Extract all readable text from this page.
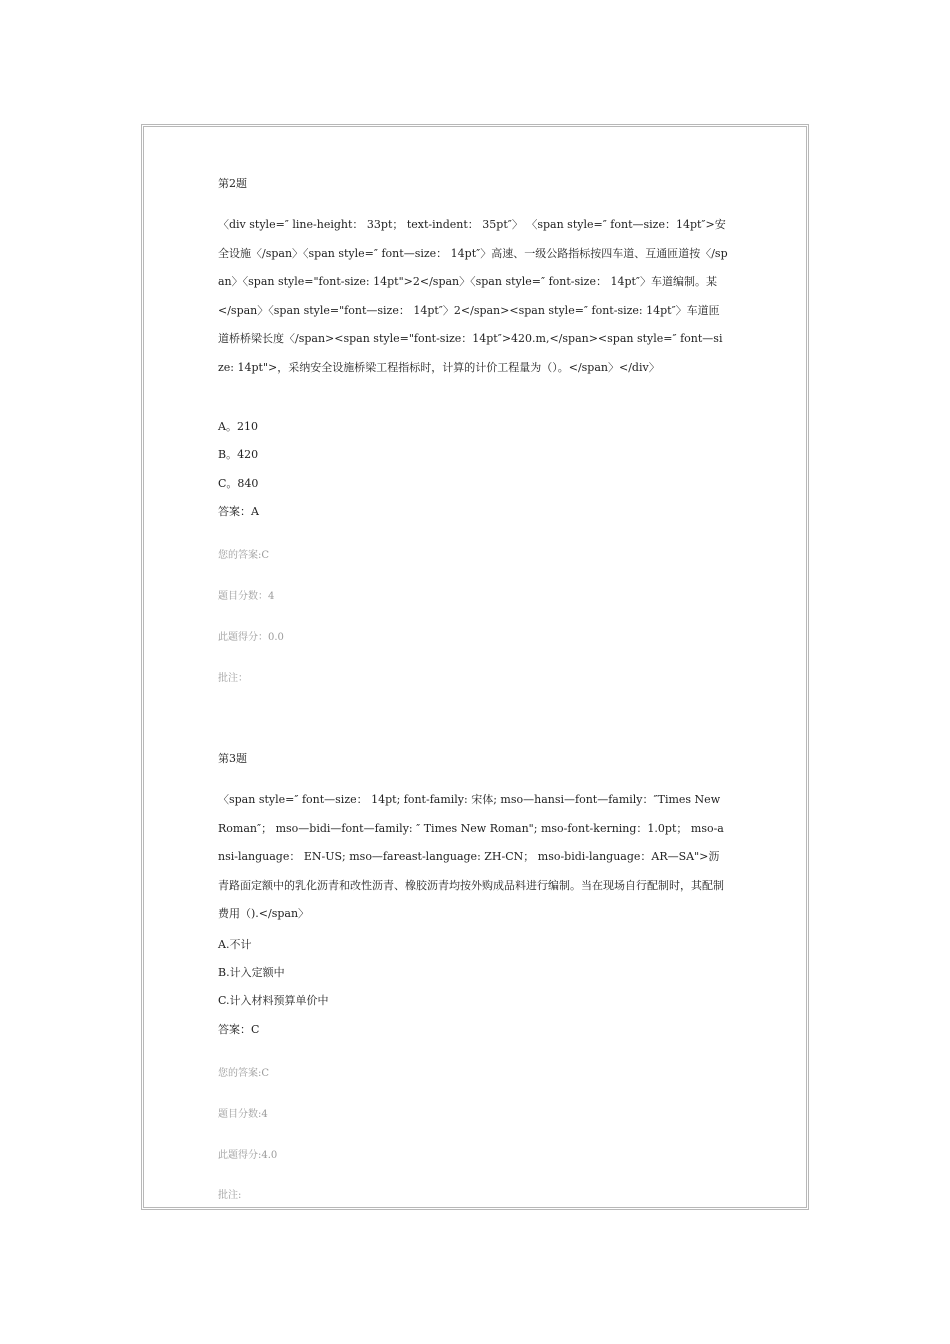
第2题
〈div style=″ line-height： 33pt； text-indent： 35pt″〉 〈span style=″ font—size：14pt″>安全设施〈/span〉〈span style=″ font—size： 14pt″〉高速、一级公路指标按四车道、互通匝道按〈/span〉〈span style="font-size: 14pt">2</span〉〈span style=″ font-size： 14pt″〉车道编制。某</span〉〈span style="font—size： 14pt″〉2</span><span style=″ font-size: 14pt″〉车道匝道桥桥梁长度〈/span><span style="font-size：14pt″>420.m,</span><span style=″ font—size: 14pt">，采纳安全设施桥梁工程指标时，计算的计价工程量为（）。</span〉</div〉
A。210
B。420
C。840
答案：A
您的答案:C
题目分数：4
此题得分：0.0
批注：
第3题
〈span style=″ font—size： 14pt; font-family: 宋体; mso—hansi—font—family：″Times New Roman″； mso—bidi—font—family: ″ Times New Roman"; mso-font-kerning：1.0pt； mso-ansi-language： EN-US; mso—fareast-language: ZH-CN； mso-bidi-language：AR—SA">沥青路面定额中的乳化沥青和改性沥青、橡胶沥青均按外购成品料进行编制。当在现场自行配制时，其配制费用（).</span〉
A.不计
B.计入定额中
C.计入材料预算单价中
答案：C
您的答案:C
题目分数:4
此题得分:4.0
批注:
